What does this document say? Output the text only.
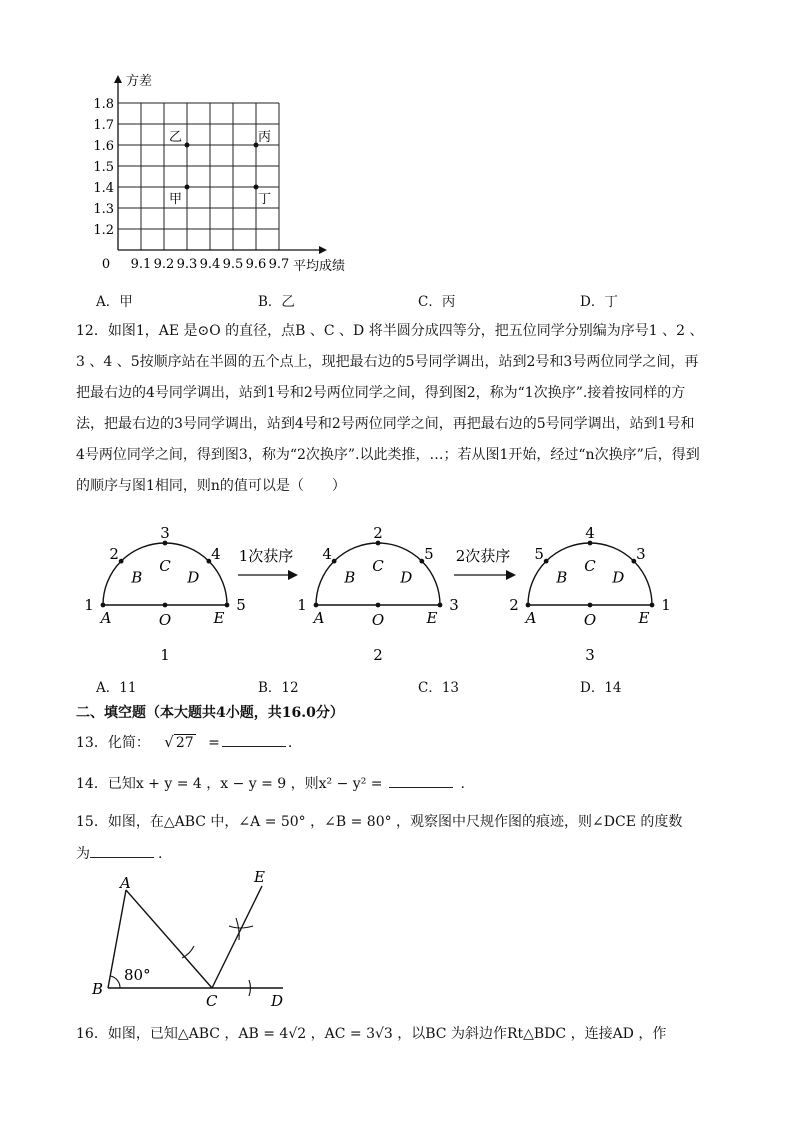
9.1 9.2 9.3 9.4 9.5 9.6 9.7
1.2
1.3
1.4
1.5
1.6
1.7
1.8
0	平均成绩
方差
乙	丙
甲	丁
A．甲	B．乙	C．丙	D．丁
12．如图1，AE 是⊙O 的直径，点B 、C 、D 将半圆分成四等分，把五位同学分别编为序号1 、2 、
3 、4 、5按顺序站在半圆的五个点上，现把最右边的5号同学调出，站到2号和3号两位同学之间，再
把最右边的4号同学调出，站到1号和2号两位同学之间，得到图2，称为“1次换序”.接着按同样的方
法，把最右边的3号同学调出，站到4号和2号两位同学之间，再把最右边的5号同学调出，站到1号和
4号两位同学之间，得到图3，称为“2次换序”.以此类推，…；若从图1开始，经过“n次换序”后，得到
的顺序与图1相同，则n的值可以是（　　）
1
A
2
B
3
C
4
D
5
E
O
1
1
A
4
B
2
C
5
D
3
E
O
2
2
A
5
B
4
C
3
D
1
E
O
3
1次获序	2次获序
A．11	B．12	C．13	D．14
二、填空题（本大题共4小题，共16.0分）
13．化简： √ 27 =	.
14．已知x + y = 4 ，x − y = 9 ，则x² − y² =	.
15．如图，在△ABC 中，∠A = 50° ，∠B = 80° ，观察图中尺规作图的痕迹，则∠DCE 的度数
为	.
A
B
C	D
E
80°
16．如图，已知△ABC ，AB = 4√2 ，AC = 3√3 ，以BC 为斜边作Rt△BDC ，连接AD ，作
